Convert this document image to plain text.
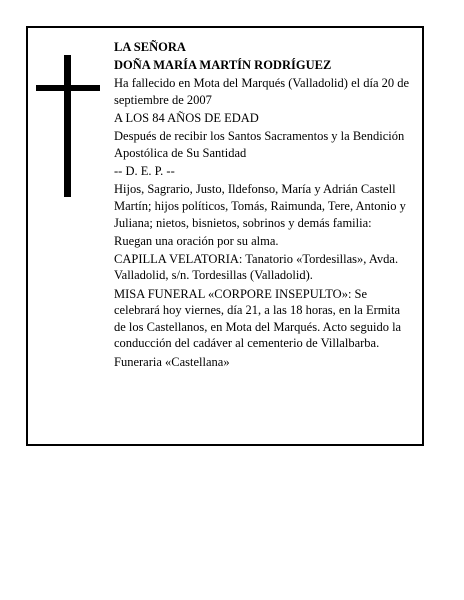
LA SEÑORA

DOÑA MARÍA MARTÍN RODRÍGUEZ

Ha fallecido en Mota del Marqués (Valladolid) el día 20 de septiembre de 2007

A LOS 84 AÑOS DE EDAD

Después de recibir los Santos Sacramentos y la Bendición Apostólica de Su Santidad

-- D. E. P. --

Hijos, Sagrario, Justo, Ildefonso, María y Adrián Castell Martín; hijos políticos, Tomás, Raimunda, Tere, Antonio y Juliana; nietos, bisnietos, sobrinos y demás familia:

Ruegan una oración por su alma.

CAPILLA VELATORIA: Tanatorio «Tordesillas», Avda. Valladolid, s/n. Tordesillas (Valladolid).

MISA FUNERAL «CORPORE INSEPULTO»: Se celebrará hoy viernes, día 21, a las 18 horas, en la Ermita de los Castellanos, en Mota del Marqués. Acto seguido la conducción del cadáver al cementerio de Villalbarba.

Funeraria «Castellana»
